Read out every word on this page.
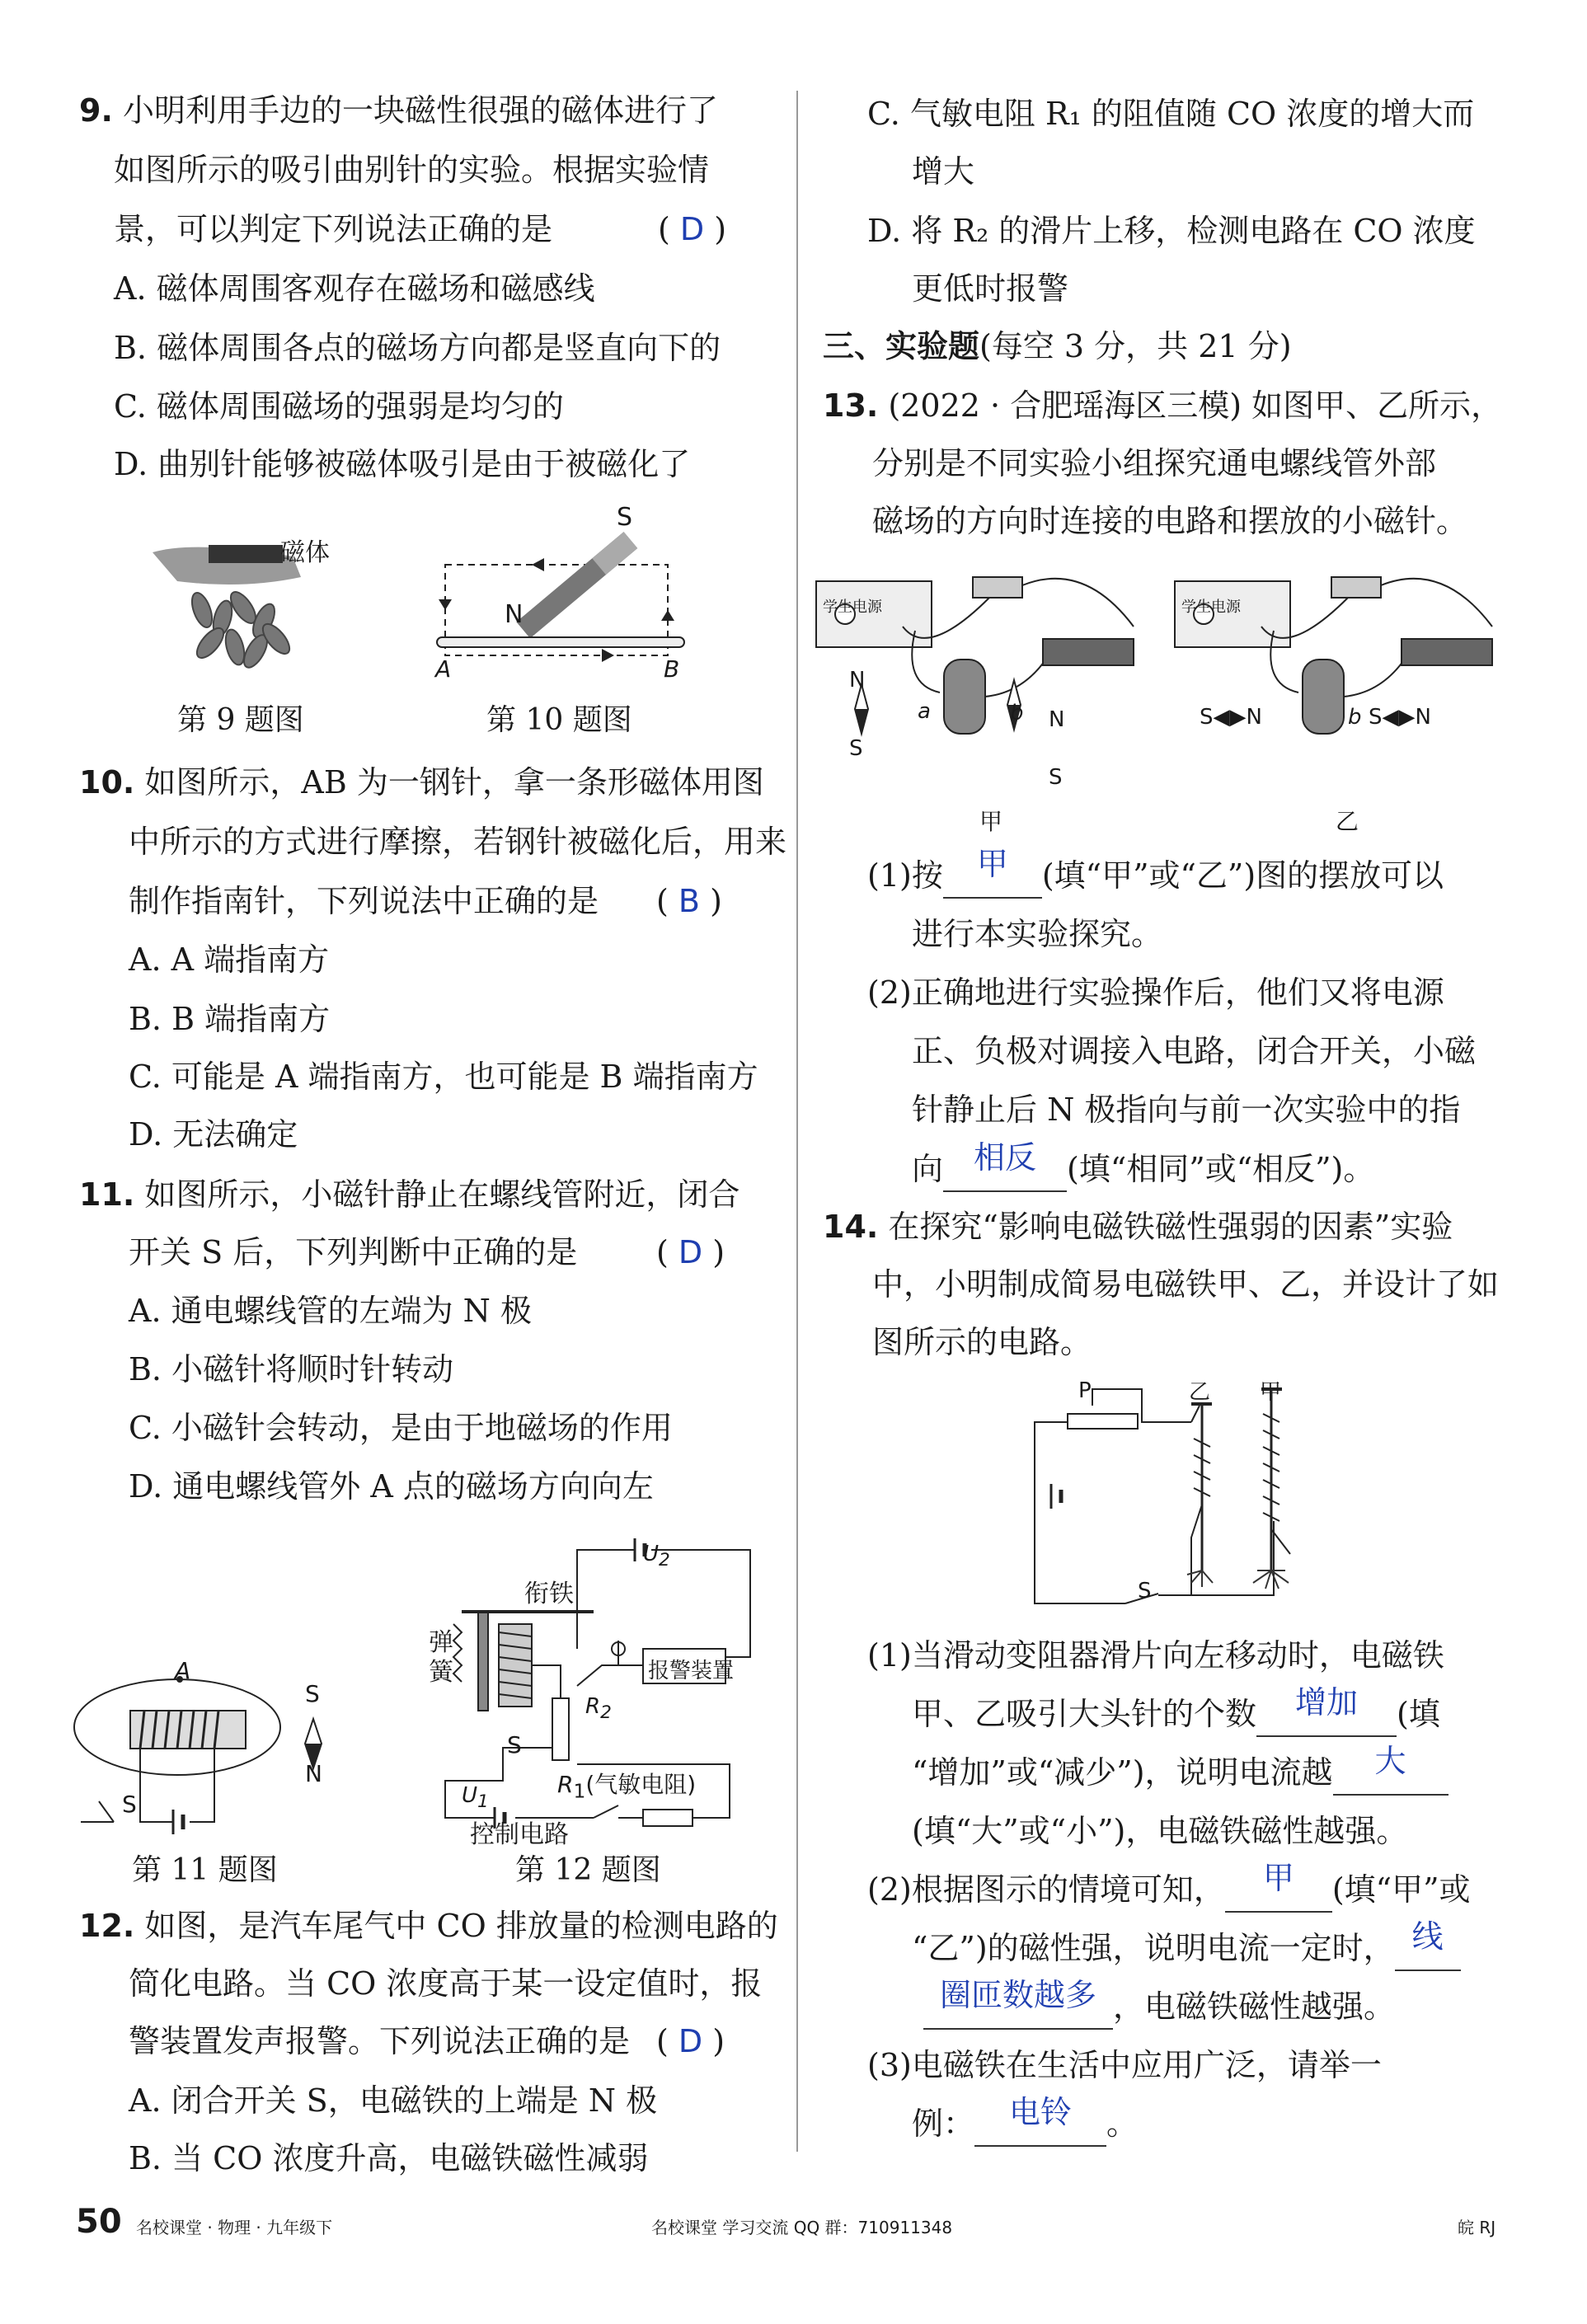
9. 小明利用手边的一块磁性很强的磁体进行了
如图所示的吸引曲别针的实验。根据实验情
景，可以判定下列说法正确的是	( D )
A. 磁体周围客观存在磁场和磁感线
B. 磁体周围各点的磁场方向都是竖直向下的
C. 磁体周围磁场的强弱是均匀的
D. 曲别针能够被磁体吸引是由于被磁化了
磁体
第 9 题图
S
N
A	B
第 10 题图
10. 如图所示，AB 为一钢针，拿一条形磁体用图
中所示的方式进行摩擦，若钢针被磁化后，用来
制作指南针，下列说法中正确的是 ( B )
A. A 端指南方
B. B 端指南方
C. 可能是 A 端指南方，也可能是 B 端指南方
D. 无法确定
11. 如图所示，小磁针静止在螺线管附近，闭合
开关 S 后，下列判断中正确的是	( D )
A. 通电螺线管的左端为 N 极
B. 小磁针将顺时针转动
C. 小磁针会转动，是由于地磁场的作用
D. 通电螺线管外 A 点的磁场方向向左
A
S
N
S
第 11 题图
$U_2$
衔铁
弹簧	报警装置
$R_2$
S
$U_1$
$R_1$(气敏电阻)
控制电路
第 12 题图
12. 如图，是汽车尾气中 CO 排放量的检测电路的
简化电路。当 CO 浓度高于某一设定值时，报
警装置发声报警。下列说法正确的是 ( D )
A. 闭合开关 S，电磁铁的上端是 N 极
B. 当 CO 浓度升高，电磁铁磁性减弱
C. 气敏电阻 R₁ 的阻值随 CO 浓度的增大而
增大
D. 将 R₂ 的滑片上移，检测电路在 CO 浓度
更低时报警
三、实验题(每空 3 分，共 21 分)
13. (2022 · 合肥瑶海区三模) 如图甲、乙所示，
分别是不同实验小组探究通电螺线管外部
磁场的方向时连接的电路和摆放的小磁针。
学生电源	学生电源
N
S
a	b N
S
S◀▶N	b S◀▶N
甲	乙
(1)按 甲 (填“甲”或“乙”)图的摆放可以
进行本实验探究。
(2)正确地进行实验操作后，他们又将电源
正、负极对调接入电路，闭合开关，小磁
针静止后 N 极指向与前一次实验中的指
向 相反 (填“相同”或“相反”)。
14. 在探究“影响电磁铁磁性强弱的因素”实验
中，小明制成简易电磁铁甲、乙，并设计了如
图所示的电路。
P	乙 甲
S
(1)当滑动变阻器滑片向左移动时，电磁铁
甲、乙吸引大头针的个数 增加 (填
“增加”或“减少”)，说明电流越 大
(填“大”或“小”)，电磁铁磁性越强。
(2)根据图示的情境可知， 甲 (填“甲”或
“乙”)的磁性强，说明电流一定时， 线
圈匝数越多 ，电磁铁磁性越强。
(3)电磁铁在生活中应用广泛，请举一
例： 电铃 。
50 名校课堂 · 物理 · 九年级下	名校课堂 学习交流 QQ 群：710911348	皖 RJ
